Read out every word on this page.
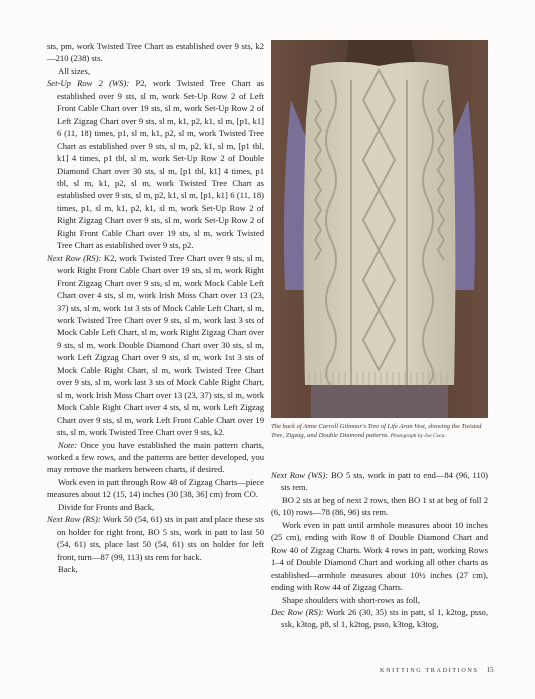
sts, pm, work Twisted Tree Chart as established over 9 sts, k2—210 (238) sts.

All sizes,

Set-Up Row 2 (WS): P2, work Twisted Tree Chart as established over 9 sts, sl m, work Set-Up Row 2 of Left Front Cable Chart over 19 sts, sl m, work Set-Up Row 2 of Left Zigzag Chart over 9 sts, sl m, k1, p2, k1, sl m, [p1, k1] 6 (11, 18) times, p1, sl m, k1, p2, sl m, work Twisted Tree Chart as established over 9 sts, sl m, p2, k1, sl m, [p1 tbl, k1] 4 times, p1 tbl, sl m, work Set-Up Row 2 of Double Diamond Chart over 30 sts, sl m, [p1 tbl, k1] 4 times, p1 tbl, sl m, k1, p2, sl m, work Twisted Tree Chart as established over 9 sts, sl m, p2, k1, sl m, [p1, k1] 6 (11, 18) times, p1, sl m, k1, p2, k1, sl m, work Set-Up Row 2 of Right Zigzag Chart over 9 sts, sl m, work Set-Up Row 2 of Right Front Cable Chart over 19 sts, sl m, work Twisted Tree Chart as established over 9 sts, p2.

Next Row (RS): K2, work Twisted Tree Chart over 9 sts, sl m, work Right Front Cable Chart over 19 sts, sl m, work Right Front Zigzag Chart over 9 sts, sl m, work Mock Cable Left Chart over 4 sts, sl m, work Irish Moss Chart over 13 (23, 37) sts, sl m, work 1st 3 sts of Mock Cable Left Chart, sl m, work Twisted Tree Chart over 9 sts, sl m, work last 3 sts of Mock Cable Left Chart, sl m, work Right Zigzag Chart over 9 sts, sl m, work Double Diamond Chart over 30 sts, sl m, work Left Zigzag Chart over 9 sts, sl m, work 1st 3 sts of Mock Cable Right Chart, sl m, work Twisted Tree Chart over 9 sts, sl m, work last 3 sts of Mock Cable Right Chart, sl m, work Irish Moss Chart over 13 (23, 37) sts, sl m, work Mock Cable Right Chart over 4 sts, sl m, work Left Zigzag Chart over 9 sts, sl m, work Left Front Cable Chart over 19 sts, sl m, work Twisted Tree Chart over 9 sts, k2.

Note: Once you have established the main pattern charts, worked a few rows, and the patterns are better developed, you may remove the markers between charts, if desired.

Work even in patt through Row 48 of Zigzag Charts—piece measures about 12 (15, 14) inches (30 [38, 36] cm) from CO.

Divide for Fronts and Back,

Next Row (RS): Work 50 (54, 61) sts in patt and place these sts on holder for right front, BO 5 sts, work in patt to last 50 (54, 61) sts, place last 50 (54, 61) sts on holder for left front, turn—87 (99, 113) sts rem for back.

Back,

The back of Anne Carroll Gilmour's Tree of Life Aran Vest, showing the Twisted Tree, Zigzag, and Double Diamond patterns. Photograph by Joe Coca.

Next Row (WS): BO 5 sts, work in patt to end—84 (96, 110) sts rem.

BO 2 sts at beg of next 2 rows, then BO 1 st at beg of foll 2 (6, 10) rows—78 (86, 96) sts rem.

Work even in patt until armhole measures about 10 inches (25 cm), ending with Row 8 of Double Diamond Chart and Row 40 of Zigzag Charts. Work 4 rows in patt, working Rows 1–4 of Double Diamond Chart and working all other charts as established—armhole measures about 10½ inches (27 cm), ending with Row 44 of Zigzag Charts.

Shape shoulders with short-rows as foll,

Dec Row (RS): Work 26 (30, 35) sts in patt, sl 1, k2tog, psso, ssk, k3tog, p8, sl 1, k2tog, psso, k3tog, k3tog,

KNITTING TRADITIONS 15
